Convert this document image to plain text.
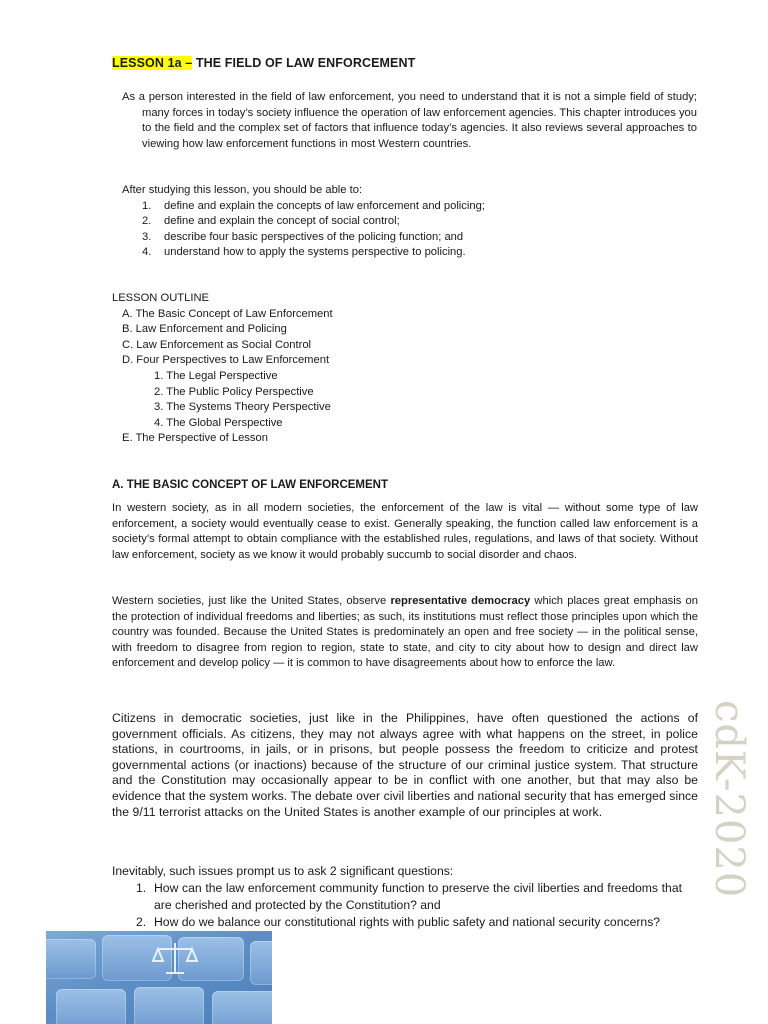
LESSON 1a – THE FIELD OF LAW ENFORCEMENT

As a person interested in the field of law enforcement, you need to understand that it is not a simple field of study; many forces in today’s society influence the operation of law enforcement agencies. This chapter introduces you to the field and the complex set of factors that influence today’s agencies. It also reviews several approaches to viewing how law enforcement functions in most Western countries.

After studying this lesson, you should be able to:

1. define and explain the concepts of law enforcement and policing;
2. define and explain the concept of social control;
3. describe four basic perspectives of the policing function; and
4. understand how to apply the systems perspective to policing.

LESSON OUTLINE

A. The Basic Concept of Law Enforcement
B. Law Enforcement and Policing
C. Law Enforcement as Social Control
D. Four Perspectives to Law Enforcement
1. The Legal Perspective
2. The Public Policy Perspective
3. The Systems Theory Perspective
4. The Global Perspective
E. The Perspective of Lesson
A. THE BASIC CONCEPT OF LAW ENFORCEMENT

In western society, as in all modern societies, the enforcement of the law is vital — without some type of law enforcement, a society would eventually cease to exist. Generally speaking, the function called law enforcement is a society’s formal attempt to obtain compliance with the established rules, regulations, and laws of that society. Without law enforcement, society as we know it would probably succumb to social disorder and chaos.

Western societies, just like the United States, observe representative democracy which places great emphasis on the protection of individual freedoms and liberties; as such, its institutions must reflect those principles upon which the country was founded. Because the United States is predominately an open and free society — in the political sense, with freedom to disagree from region to region, state to state, and city to city about how to design and direct law enforcement and develop policy — it is common to have disagreements about how to enforce the law.

Citizens in democratic societies, just like in the Philippines, have often questioned the actions of government officials. As citizens, they may not always agree with what happens on the street, in police stations, in courtrooms, in jails, or in prisons, but people possess the freedom to criticize and protest governmental actions (or inactions) because of the structure of our criminal justice system. That structure and the Constitution may occasionally appear to be in conflict with one another, but that may also be evidence that the system works. The debate over civil liberties and national security that has emerged since the 9/11 terrorist attacks on the United States is another example of our principles at work.

Inevitably, such issues prompt us to ask 2 significant questions:

1. How can the law enforcement community function to preserve the civil liberties and freedoms that are cherished and protected by the Constitution? and
2. How do we balance our constitutional rights with public safety and national security concerns?
cdK-2020
